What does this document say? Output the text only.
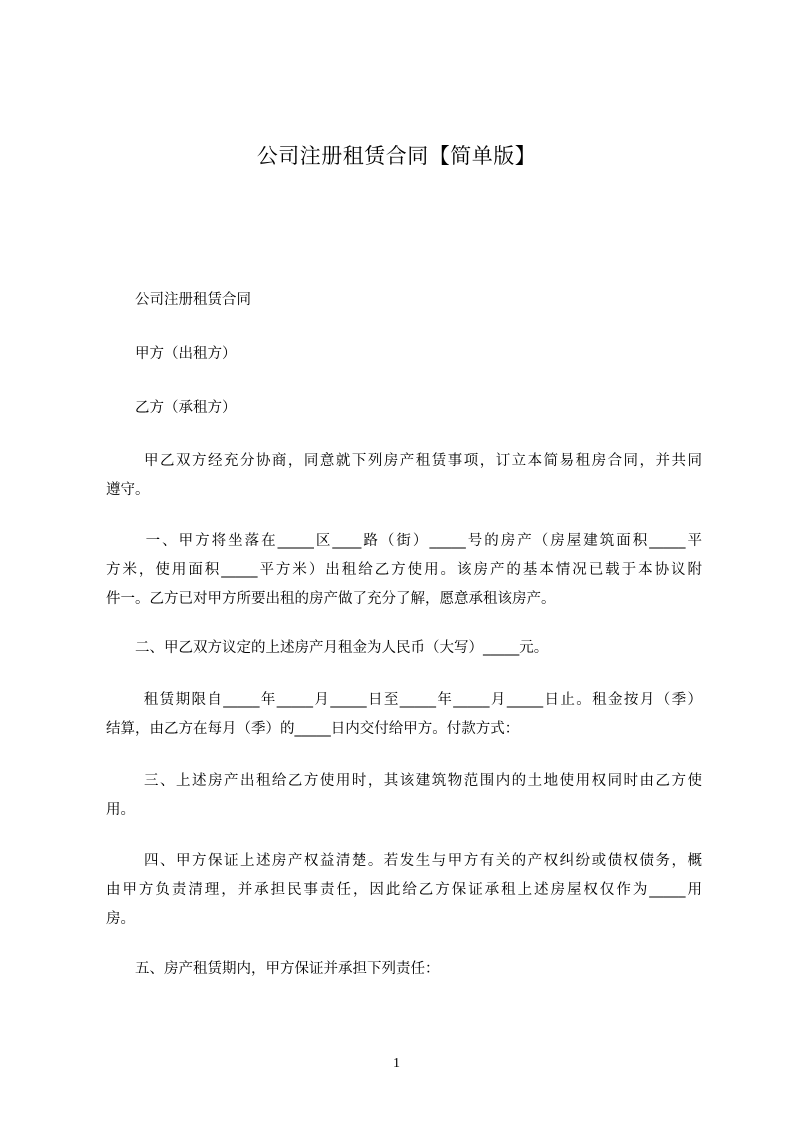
公司注册租赁合同【简单版】
　　公司注册租赁合同
　　甲方（出租方）
　　乙方（承租方）
　　 甲乙双方经充分协商，同意就下列房产租赁事项，订立本简易租房合同，并共同
遵守。
　　 一、甲方将坐落在_____区____路（街）_____号的房产（房屋建筑面积_____平
方米，使用面积_____平方米）出租给乙方使用。该房产的基本情况已载于本协议附
件一。乙方已对甲方所要出租的房产做了充分了解，愿意承租该房产。
　　二、甲乙双方议定的上述房产月租金为人民币（大写）_____元。
　　 租赁期限自_____年_____月_____日至_____年_____月_____日止。租金按月（季）
结算，由乙方在每月（季）的_____日内交付给甲方。付款方式：
　　 三、上述房产出租给乙方使用时，其该建筑物范围内的土地使用权同时由乙方使
用。
　　 四、甲方保证上述房产权益清楚。若发生与甲方有关的产权纠纷或债权债务，概
由甲方负责清理，并承担民事责任，因此给乙方保证承租上述房屋权仅作为_____用
房。
　　五、房产租赁期内，甲方保证并承担下列责任：
1
